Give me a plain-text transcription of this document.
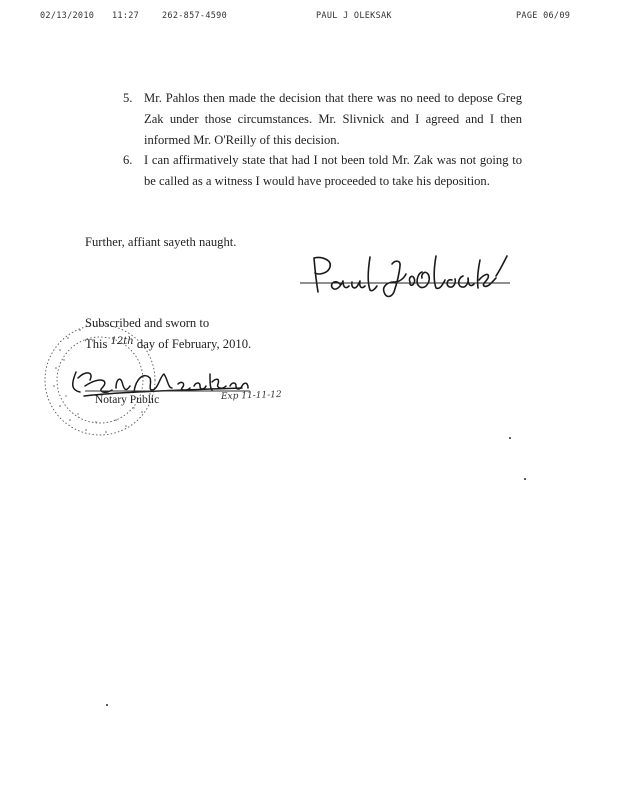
02/13/2010 11:27	262-857-4590	PAUL J OLEKSAK	PAGE 06/09
5. Mr. Pahlos then made the decision that there was no need to depose Greg Zak under those circumstances. Mr. Slivnick and I agreed and I then informed Mr. O'Reilly of this decision.
6. I can affirmatively state that had I not been told Mr. Zak was not going to be called as a witness I would have proceeded to take his deposition.
Further, affiant sayeth naught.
Subscribed and sworn to
This $^{12th}$ day of February, 2010.
Notary Public	Exp 11-11-12
